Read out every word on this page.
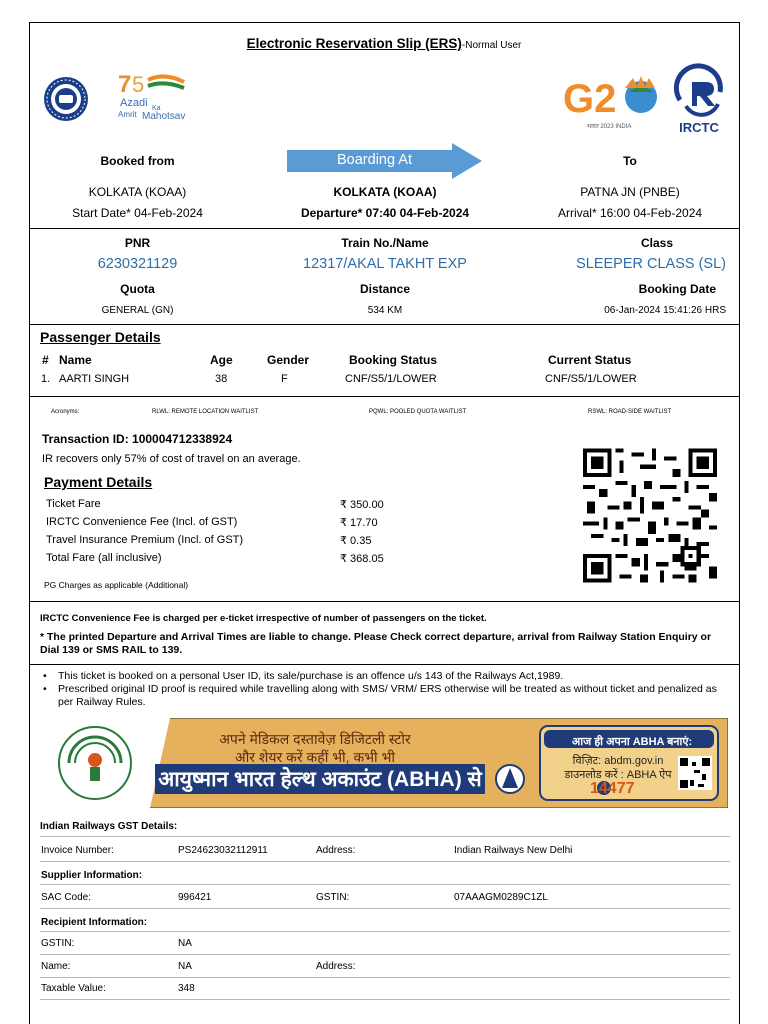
Electronic Reservation Slip (ERS)-Normal User
7 5
Azadi Ka
Amrit Mahotsav	G2
भारत 2023 INDIA	IRCTC
Booked from	Boarding At	To
KOLKATA (KOAA)	KOLKATA (KOAA)	PATNA JN (PNBE)
Start Date* 04-Feb-2024	Departure* 07:40 04-Feb-2024	Arrival* 16:00 04-Feb-2024
PNR	Train No./Name	Class
6230321129	12317/AKAL TAKHT EXP	SLEEPER CLASS (SL)
Quota	Distance	Booking Date
GENERAL (GN)	534 KM	06-Jan-2024 15:41:26 HRS
Passenger Details
# Name	Age	Gender	Booking Status	Current Status
1. AARTI SINGH	38	F	CNF/S5/1/LOWER	CNF/S5/1/LOWER
Acronyms:	RLWL: REMOTE LOCATION WAITLIST	PQWL: POOLED QUOTA WAITLIST	RSWL: ROAD-SIDE WAITLIST
Transaction ID: 100004712338924
IR recovers only 57% of cost of travel on an average.
Payment Details
Ticket Fare	₹ 350.00
IRCTC Convenience Fee (Incl. of GST)	₹ 17.70
Travel Insurance Premium (Incl. of GST)	₹ 0.35
Total Fare (all inclusive)	₹ 368.05
PG Charges as applicable (Additional)
IRCTC Convenience Fee is charged per e-ticket irrespective of number of passengers on the ticket.
* The printed Departure and Arrival Times are liable to change. Please Check correct departure, arrival from Railway Station Enquiry or Dial 139 or SMS RAIL to 139.
• This ticket is booked on a personal User ID, its sale/purchase is an offence u/s 143 of the Railways Act,1989.
• Prescribed original ID proof is required while travelling along with SMS/ VRM/ ERS otherwise will be treated as without ticket and penalized as per Railway Rules.
अपने मेडिकल दस्तावेज़ डिजिटली स्टोर
और शेयर करें कहीं भी, कभी भी
आयुष्मान भारत हेल्थ अकाउंट (ABHA) से
आज ही अपना ABHA बनाएं:
विज़िट: abdm.gov.in
डाउनलोड करें : ABHA ऐप
14477
Indian Railways GST Details:
Invoice Number:	PS24623032112911	Address:	Indian Railways New Delhi
Supplier Information:
SAC Code:	996421	GSTIN:	07AAAGM0289C1ZL
Recipient Information:
GSTIN:	NA
Name:	NA	Address:
Taxable Value:	348
